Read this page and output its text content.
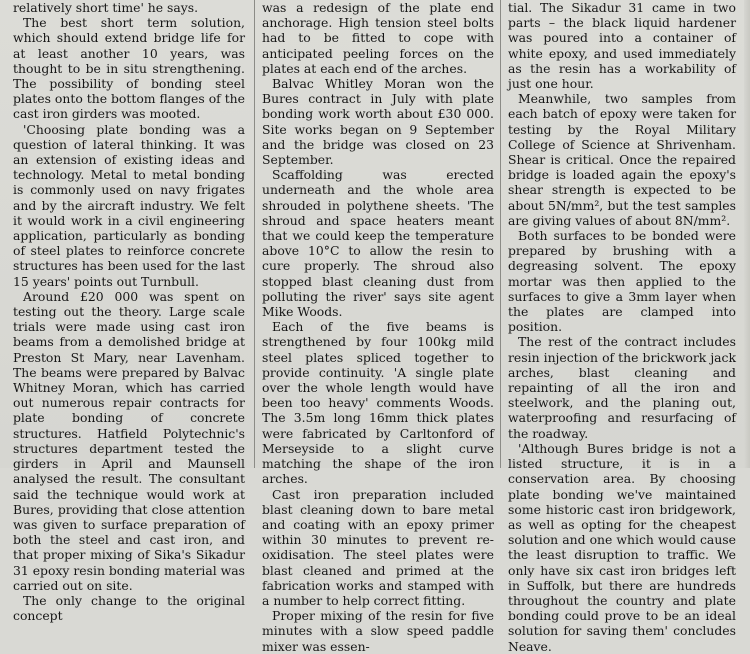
relatively short time' he says.

The best short term solution, which should extend bridge life for at least another 10 years, was thought to be in situ strengthening. The possibility of bonding steel plates onto the bottom flanges of the cast iron girders was mooted.

'Choosing plate bonding was a question of lateral thinking. It was an extension of existing ideas and technology. Metal to metal bonding is commonly used on navy frigates and by the aircraft industry. We felt it would work in a civil engineering application, particularly as bonding of steel plates to reinforce concrete structures has been used for the last 15 years' points out Turnbull.

Around £20 000 was spent on testing out the theory. Large scale trials were made using cast iron beams from a demolished bridge at Preston St Mary, near Lavenham. The beams were prepared by Balvac Whitney Moran, which has carried out numerous repair contracts for plate bonding of concrete structures. Hatfield Polytechnic's structures department tested the girders in April and Maunsell analysed the result. The consultant said the technique would work at Bures, providing that close attention was given to surface preparation of both the steel and cast iron, and that proper mixing of Sika's Sikadur 31 epoxy resin bonding material was carried out on site.

The only change to the original concept

was a redesign of the plate end anchorage. High tension steel bolts had to be fitted to cope with anticipated peeling forces on the plates at each end of the arches.

Balvac Whitley Moran won the Bures contract in July with plate bonding work worth about £30 000. Site works began on 9 September and the bridge was closed on 23 September.

Scaffolding was erected underneath and the whole area shrouded in polythene sheets. 'The shroud and space heaters meant that we could keep the temperature above 10°C to allow the resin to cure properly. The shroud also stopped blast cleaning dust from polluting the river' says site agent Mike Woods.

Each of the five beams is strengthened by four 100kg mild steel plates spliced together to provide continuity. 'A single plate over the whole length would have been too heavy' comments Woods. The 3.5m long 16mm thick plates were fabricated by Carltonford of Merseyside to a slight curve matching the shape of the iron arches.

Cast iron preparation included blast cleaning down to bare metal and coating with an epoxy primer within 30 minutes to prevent re-oxidisation. The steel plates were blast cleaned and primed at the fabrication works and stamped with a number to help correct fitting.

Proper mixing of the resin for five minutes with a slow speed paddle mixer was essen-

tial. The Sikadur 31 came in two parts – the black liquid hardener was poured into a container of white epoxy, and used immediately as the resin has a workability of just one hour.

Meanwhile, two samples from each batch of epoxy were taken for testing by the Royal Military College of Science at Shrivenham. Shear is critical. Once the repaired bridge is loaded again the epoxy's shear strength is expected to be about 5N/mm², but the test samples are giving values of about 8N/mm².

Both surfaces to be bonded were prepared by brushing with a degreasing solvent. The epoxy mortar was then applied to the surfaces to give a 3mm layer when the plates are clamped into position.

The rest of the contract includes resin injection of the brickwork jack arches, blast cleaning and repainting of all the iron and steelwork, and the planing out, waterproofing and resurfacing of the roadway.

'Although Bures bridge is not a listed structure, it is in a conservation area. By choosing plate bonding we've maintained some historic cast iron bridgework, as well as opting for the cheapest solution and one which would cause the least disruption to traffic. We only have six cast iron bridges left in Suffolk, but there are hundreds throughout the country and plate bonding could prove to be an ideal solution for saving them' concludes Neave.
